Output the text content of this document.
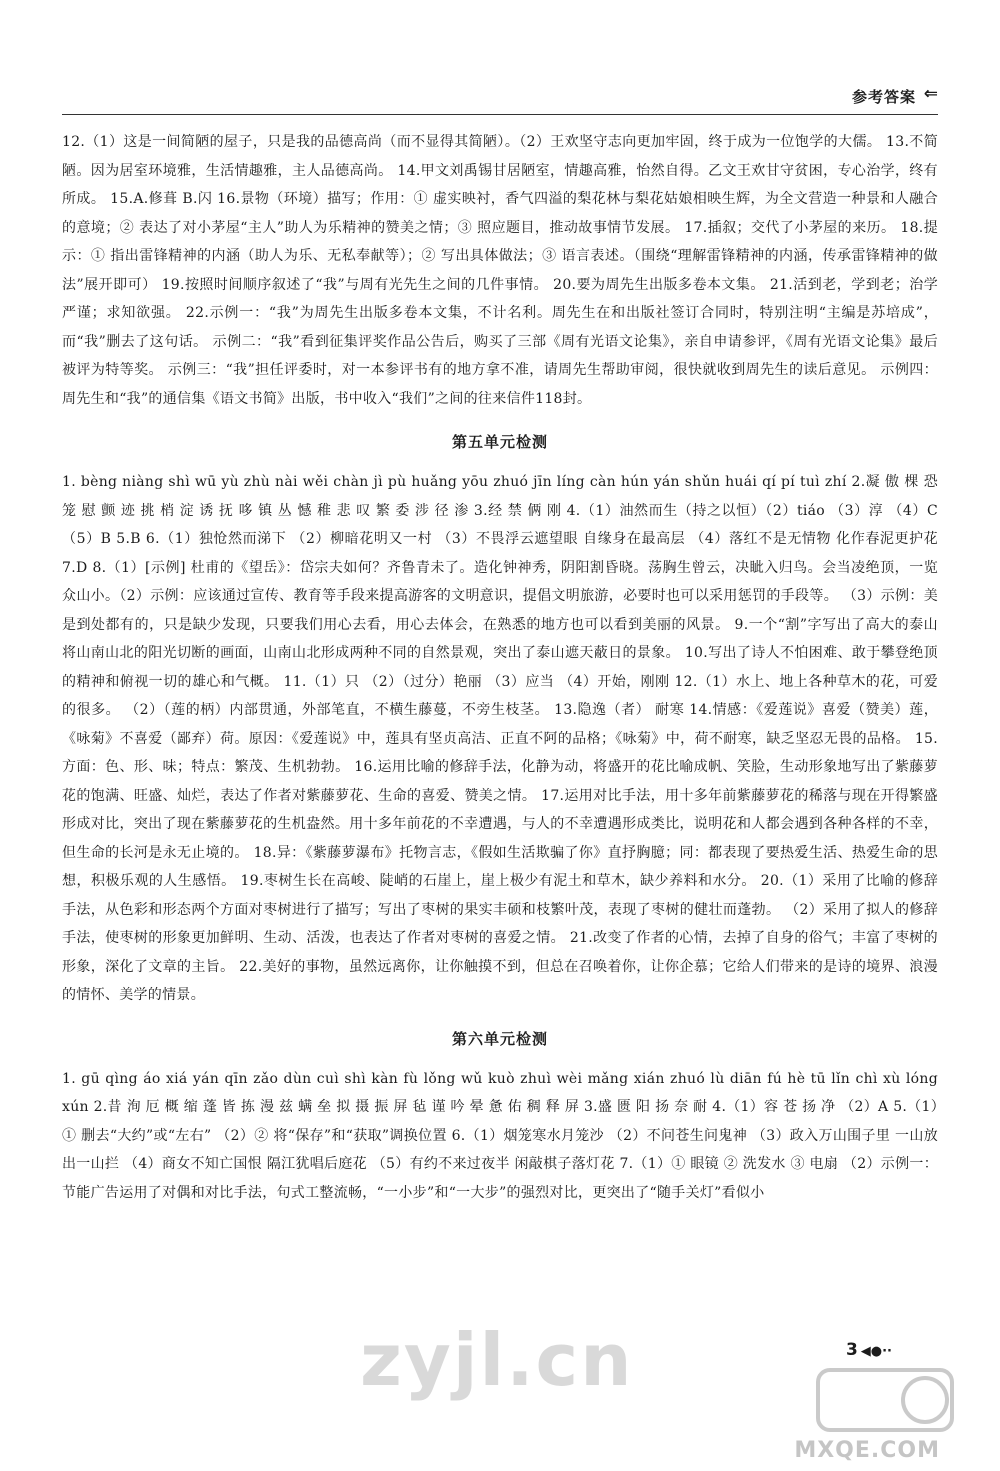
参考答案 ⇐

12.（1）这是一间简陋的屋子，只是我的品德高尚（而不显得其简陋）。（2）王欢坚守志向更加牢固，终于成为一位饱学的大儒。 13.不简陋。因为居室环境雅，生活情趣雅，主人品德高尚。 14.甲文刘禹锡甘居陋室，情趣高雅，怡然自得。乙文王欢甘守贫困，专心治学，终有所成。 15.A.修葺 B.闪 16.景物（环境）描写；作用：① 虚实映衬，香气四溢的梨花林与梨花姑娘相映生辉，为全文营造一种景和人融合的意境；② 表达了对小茅屋“主人”助人为乐精神的赞美之情；③ 照应题目，推动故事情节发展。 17.插叙；交代了小茅屋的来历。 18.提示：① 指出雷锋精神的内涵（助人为乐、无私奉献等）；② 写出具体做法；③ 语言表述。（围绕“理解雷锋精神的内涵，传承雷锋精神的做法”展开即可） 19.按照时间顺序叙述了“我”与周有光先生之间的几件事情。 20.要为周先生出版多卷本文集。 21.活到老，学到老；治学严谨；求知欲强。 22.示例一：“我”为周先生出版多卷本文集，不计名利。周先生在和出版社签订合同时，特别注明“主编是苏培成”，而“我”删去了这句话。 示例二：“我”看到征集评奖作品公告后，购买了三部《周有光语文论集》，亲自申请参评，《周有光语文论集》最后被评为特等奖。 示例三：“我”担任评委时，对一本参评书有的地方拿不准，请周先生帮助审阅，很快就收到周先生的读后意见。 示例四：周先生和“我”的通信集《语文书简》出版，书中收入“我们”之间的往来信件118封。

第五单元检测

1. bèng niàng shì wū yù zhù nài wěi chàn jì pù huǎng yōu zhuó jīn líng càn hún yán shǔn huái qí pí tuì zhí 2.凝 傲 棵 恐 笼 慰 颤 迹 挑 梢 淀 诱 抚 哆 镇 丛 憾 稚 悲 叹 繁 委 涉 径 渗 3.经 禁 俩 刚 4.（1）油然而生（持之以恒）（2）tiáo （3）淳 （4）C （5）B 5.B 6.（1）独怆然而涕下 （2）柳暗花明又一村 （3）不畏浮云遮望眼 自缘身在最高层 （4）落红不是无情物 化作春泥更护花 7.D 8.（1）[示例] 杜甫的《望岳》：岱宗夫如何？齐鲁青未了。造化钟神秀，阴阳割昏晓。荡胸生曾云，决眦入归鸟。会当凌绝顶，一览众山小。（2）示例：应该通过宣传、教育等手段来提高游客的文明意识，提倡文明旅游，必要时也可以采用惩罚的手段等。 （3）示例：美是到处都有的，只是缺少发现，只要我们用心去看，用心去体会，在熟悉的地方也可以看到美丽的风景。 9.一个“割”字写出了高大的泰山将山南山北的阳光切断的画面，山南山北形成两种不同的自然景观，突出了泰山遮天蔽日的景象。 10.写出了诗人不怕困难、敢于攀登绝顶的精神和俯视一切的雄心和气概。 11.（1）只 （2）（过分）艳丽 （3）应当 （4）开始，刚刚 12.（1）水上、地上各种草木的花，可爱的很多。 （2）（莲的柄）内部贯通，外部笔直，不横生藤蔓，不旁生枝茎。 13.隐逸（者） 耐寒 14.情感：《爱莲说》喜爱（赞美）莲，《咏菊》不喜爱（鄙弃）荷。原因：《爱莲说》中，莲具有坚贞高洁、正直不阿的品格；《咏菊》中，荷不耐寒，缺乏坚忍无畏的品格。 15.方面：色、形、味；特点：繁茂、生机勃勃。 16.运用比喻的修辞手法，化静为动，将盛开的花比喻成帆、笑脸，生动形象地写出了紫藤萝花的饱满、旺盛、灿烂，表达了作者对紫藤萝花、生命的喜爱、赞美之情。 17.运用对比手法，用十多年前紫藤萝花的稀落与现在开得繁盛形成对比，突出了现在紫藤萝花的生机盎然。用十多年前花的不幸遭遇，与人的不幸遭遇形成类比，说明花和人都会遇到各种各样的不幸，但生命的长河是永无止境的。 18.异：《紫藤萝瀑布》托物言志，《假如生活欺骗了你》直抒胸臆；同：都表现了要热爱生活、热爱生命的思想，积极乐观的人生感悟。 19.枣树生长在高峻、陡峭的石崖上，崖上极少有泥土和草木，缺少养料和水分。 20.（1）采用了比喻的修辞手法，从色彩和形态两个方面对枣树进行了描写；写出了枣树的果实丰硕和枝繁叶茂，表现了枣树的健壮而蓬勃。 （2）采用了拟人的修辞手法，使枣树的形象更加鲜明、生动、活泼，也表达了作者对枣树的喜爱之情。 21.改变了作者的心情，去掉了自身的俗气；丰富了枣树的形象，深化了文章的主旨。 22.美好的事物，虽然远离你，让你触摸不到，但总在召唤着你，让你企慕；它给人们带来的是诗的境界、浪漫的情怀、美学的情景。

第六单元检测

1. gū qìng áo xiá yán qīn zǎo dùn cuì shì kàn fù lǒng wǔ kuò zhuì wèi mǎng xián zhuó lù diān fú hè tū lǐn chì xù lóng xún 2.昔 洵 厄 概 缩 蓬 皆 拣 漫 兹 螨 垒 拟 摄 振 屏 毡 谨 吟 晕 惫 佑 稠 释 屏 3.盛 匮 阳 扬 奈 耐 4.（1）容 苍 扬 净 （2）A 5.（1）① 删去“大约”或“左右” （2）② 将“保存”和“获取”调换位置 6.（1）烟笼寒水月笼沙 （2）不问苍生问鬼神 （3）政入万山围子里 一山放出一山拦 （4）商女不知亡国恨 隔江犹唱后庭花 （5）有约不来过夜半 闲敲棋子落灯花 7.（1）① 眼镜 ② 洗发水 ③ 电扇 （2）示例一：节能广告运用了对偶和对比手法，句式工整流畅，“一小步”和“一大步”的强烈对比，更突出了“随手关灯”看似小

zyjl.cn	3 ◀●··
MXQE.COM
